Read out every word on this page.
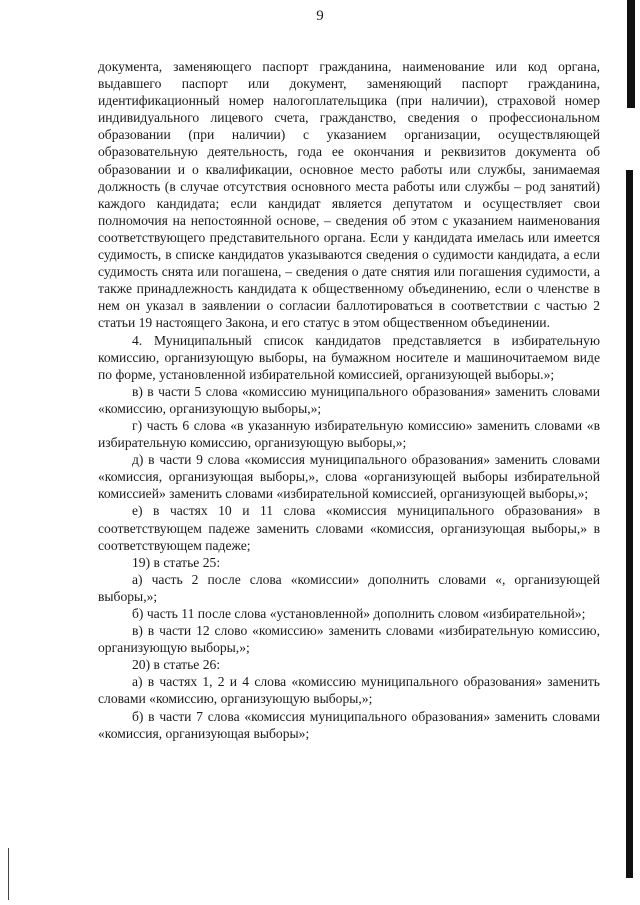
9

документа, заменяющего паспорт гражданина, наименование или код органа, выдавшего паспорт или документ, заменяющий паспорт гражданина, идентификационный номер налогоплательщика (при наличии), страховой номер индивидуального лицевого счета, гражданство, сведения о профессиональном образовании (при наличии) с указанием организации, осуществляющей образовательную деятельность, года ее окончания и реквизитов документа об образовании и о квалификации, основное место работы или службы, занимаемая должность (в случае отсутствия основного места работы или службы – род занятий) каждого кандидата; если кандидат является депутатом и осуществляет свои полномочия на непостоянной основе, – сведения об этом с указанием наименования соответствующего представительного органа. Если у кандидата имелась или имеется судимость, в списке кандидатов указываются сведения о судимости кандидата, а если судимость снята или погашена, – сведения о дате снятия или погашения судимости, а также принадлежность кандидата к общественному объединению, если о членстве в нем он указал в заявлении о согласии баллотироваться в соответствии с частью 2 статьи 19 настоящего Закона, и его статус в этом общественном объединении.

4. Муниципальный список кандидатов представляется в избирательную комиссию, организующую выборы, на бумажном носителе и машиночитаемом виде по форме, установленной избирательной комиссией, организующей выборы.»;

в) в части 5 слова «комиссию муниципального образования» заменить словами «комиссию, организующую выборы,»;

г) часть 6 слова «в указанную избирательную комиссию» заменить словами «в избирательную комиссию, организующую выборы,»;

д) в части 9 слова «комиссия муниципального образования» заменить словами «комиссия, организующая выборы,», слова «организующей выборы избирательной комиссией» заменить словами «избирательной комиссией, организующей выборы,»;

е) в частях 10 и 11 слова «комиссия муниципального образования» в соответствующем падеже заменить словами «комиссия, организующая выборы,» в соответствующем падеже;

19) в статье 25:

а) часть 2 после слова «комиссии» дополнить словами «, организующей выборы,»;

б) часть 11 после слова «установленной» дополнить словом «избирательной»;

в) в части 12 слово «комиссию» заменить словами «избирательную комиссию, организующую выборы,»;

20) в статье 26:

а) в частях 1, 2 и 4 слова «комиссию муниципального образования» заменить словами «комиссию, организующую выборы,»;

б) в части 7 слова «комиссия муниципального образования» заменить словами «комиссия, организующая выборы»;
